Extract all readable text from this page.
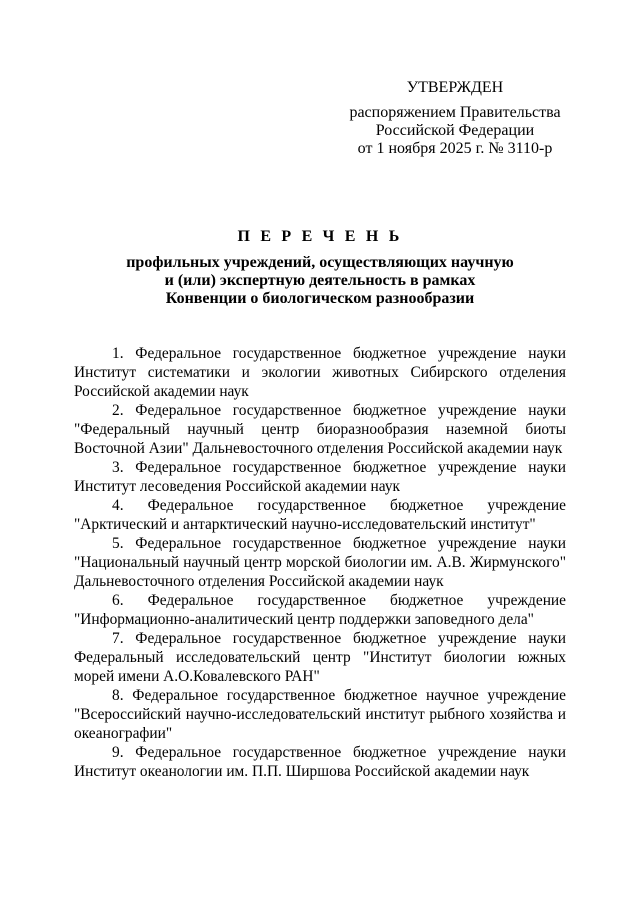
УТВЕРЖДЕН
распоряжением Правительства
Российской Федерации
от 1 ноября 2025 г. № 3110-р
П Е Р Е Ч Е Н Ь
профильных учреждений, осуществляющих научную
и (или) экспертную деятельность в рамках
Конвенции о биологическом разнообразии

1. Федеральное государственное бюджетное учреждение науки Институт систематики и экологии животных Сибирского отделения Российской академии наук

2. Федеральное государственное бюджетное учреждение науки "Федеральный научный центр биоразнообразия наземной биоты Восточной Азии" Дальневосточного отделения Российской академии наук

3. Федеральное государственное бюджетное учреждение науки Институт лесоведения Российской академии наук

4. Федеральное государственное бюджетное учреждение "Арктический и антарктический научно-исследовательский институт"

5. Федеральное государственное бюджетное учреждение науки "Национальный научный центр морской биологии им. А.В. Жирмунского" Дальневосточного отделения Российской академии наук

6. Федеральное государственное бюджетное учреждение "Информационно-аналитический центр поддержки заповедного дела"

7. Федеральное государственное бюджетное учреждение науки Федеральный исследовательский центр "Институт биологии южных морей имени А.О.Ковалевского РАН"

8. Федеральное государственное бюджетное научное учреждение "Всероссийский научно-исследовательский институт рыбного хозяйства и океанографии"

9. Федеральное государственное бюджетное учреждение науки Институт океанологии им. П.П. Ширшова Российской академии наук
